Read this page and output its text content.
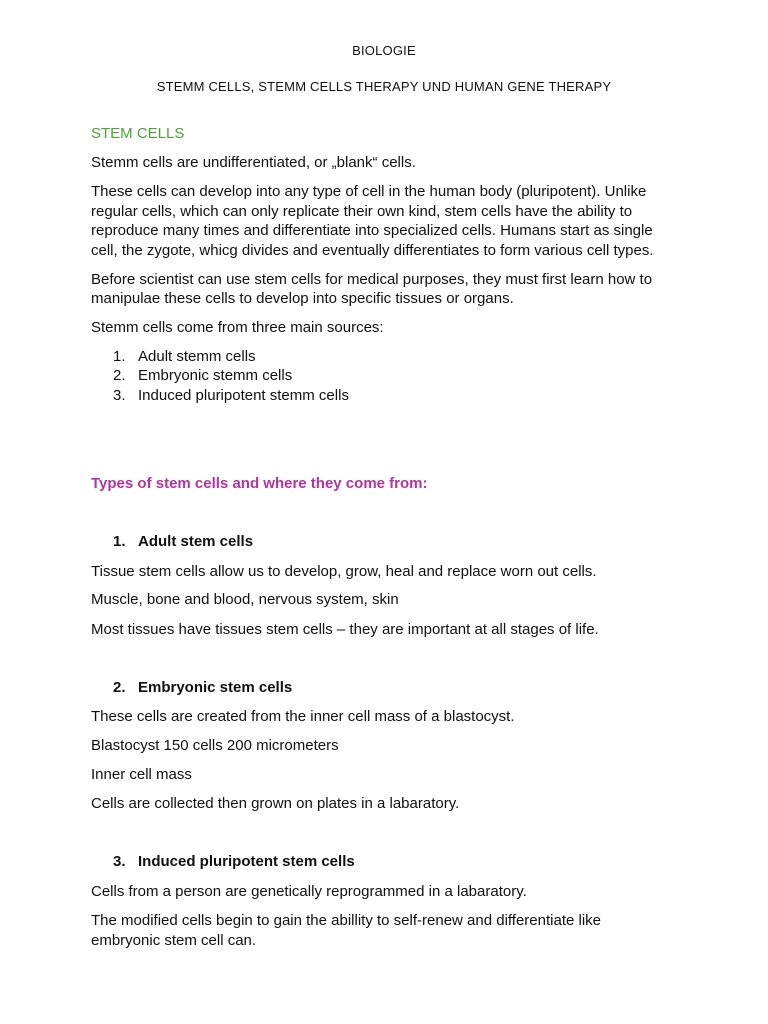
BIOLOGIE

STEMM CELLS, STEMM CELLS THERAPY UND HUMAN GENE THERAPY

STEM CELLS

Stemm cells are undifferentiated, or „blank“ cells.

These cells can develop into any type of cell in the human body (pluripotent). Unlike

regular cells, which can only replicate their own kind, stem cells have the ability to

reproduce many times and differentiate into specialized cells. Humans start as single

cell, the zygote, whicg divides and eventually differentiates to form various cell types.

Before scientist can use stem cells for medical purposes, they must first learn how to

manipulae these cells to develop into specific tissues or organs.

Stemm cells come from three main sources:

1. Adult stemm cells
2. Embryonic stemm cells
3. Induced pluripotent stemm cells

Types of stem cells and where they come from:

1. Adult stem cells

Tissue stem cells allow us to develop, grow, heal and replace worn out cells.

Muscle, bone and blood, nervous system, skin

Most tissues have tissues stem cells – they are important at all stages of life.

2. Embryonic stem cells

These cells are created from the inner cell mass of a blastocyst.

Blastocyst 150 cells 200 micrometers

Inner cell mass

Cells are collected then grown on plates in a labaratory.

3. Induced pluripotent stem cells

Cells from a person are genetically reprogrammed in a labaratory.

The modified cells begin to gain the abillity to self-renew and differentiate like

embryonic stem cell can.
